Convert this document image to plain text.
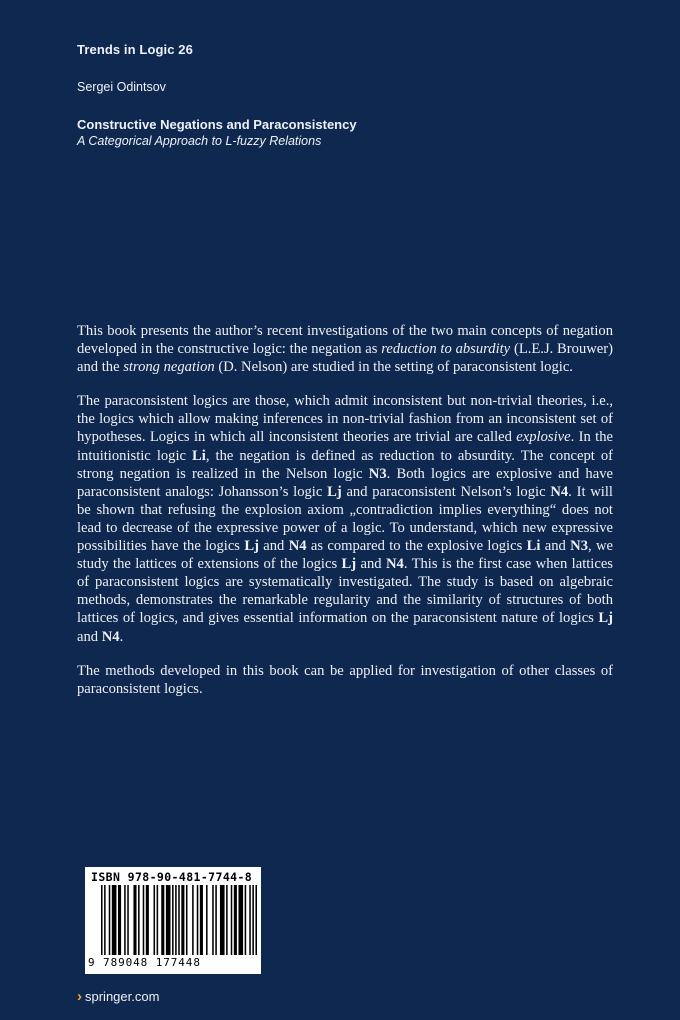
Trends in Logic 26
Sergei Odintsov
Constructive Negations and Paraconsistency
A Categorical Approach to L-fuzzy Relations

This book presents the author’s recent investigations of the two main concepts of negation developed in the constructive logic: the negation as reduction to absurdity (L.E.J. Brouwer) and the strong negation (D. Nelson) are studied in the setting of paraconsistent logic.

The paraconsistent logics are those, which admit inconsistent but non-trivial theories, i.e., the logics which allow making inferences in non-trivial fashion from an inconsistent set of hypotheses. Logics in which all inconsistent theories are trivial are called explosive. In the intuitionistic logic Li, the negation is defined as reduction to absurdity. The concept of strong negation is realized in the Nelson logic N3. Both logics are explosive and have paraconsistent analogs: Johansson’s logic Lj and paraconsistent Nelson’s logic N4. It will be shown that refusing the explosion axiom „contradiction implies everything“ does not lead to decrease of the expressive power of a logic. To understand, which new expressive possibilities have the logics Lj and N4 as compared to the explosive logics Li and N3, we study the lattices of extensions of the logics Lj and N4. This is the first case when lattices of paraconsistent logics are systematically investigated. The study is based on algebraic methods, demonstrates the remarkable regularity and the similarity of structures of both lattices of logics, and gives essential information on the paraconsistent nature of logics Lj and N4.

The methods developed in this book can be applied for investigation of other classes of paraconsistent logics.

ISBN 978-90-481-7744-8
9 789048 177448
› springer.com
